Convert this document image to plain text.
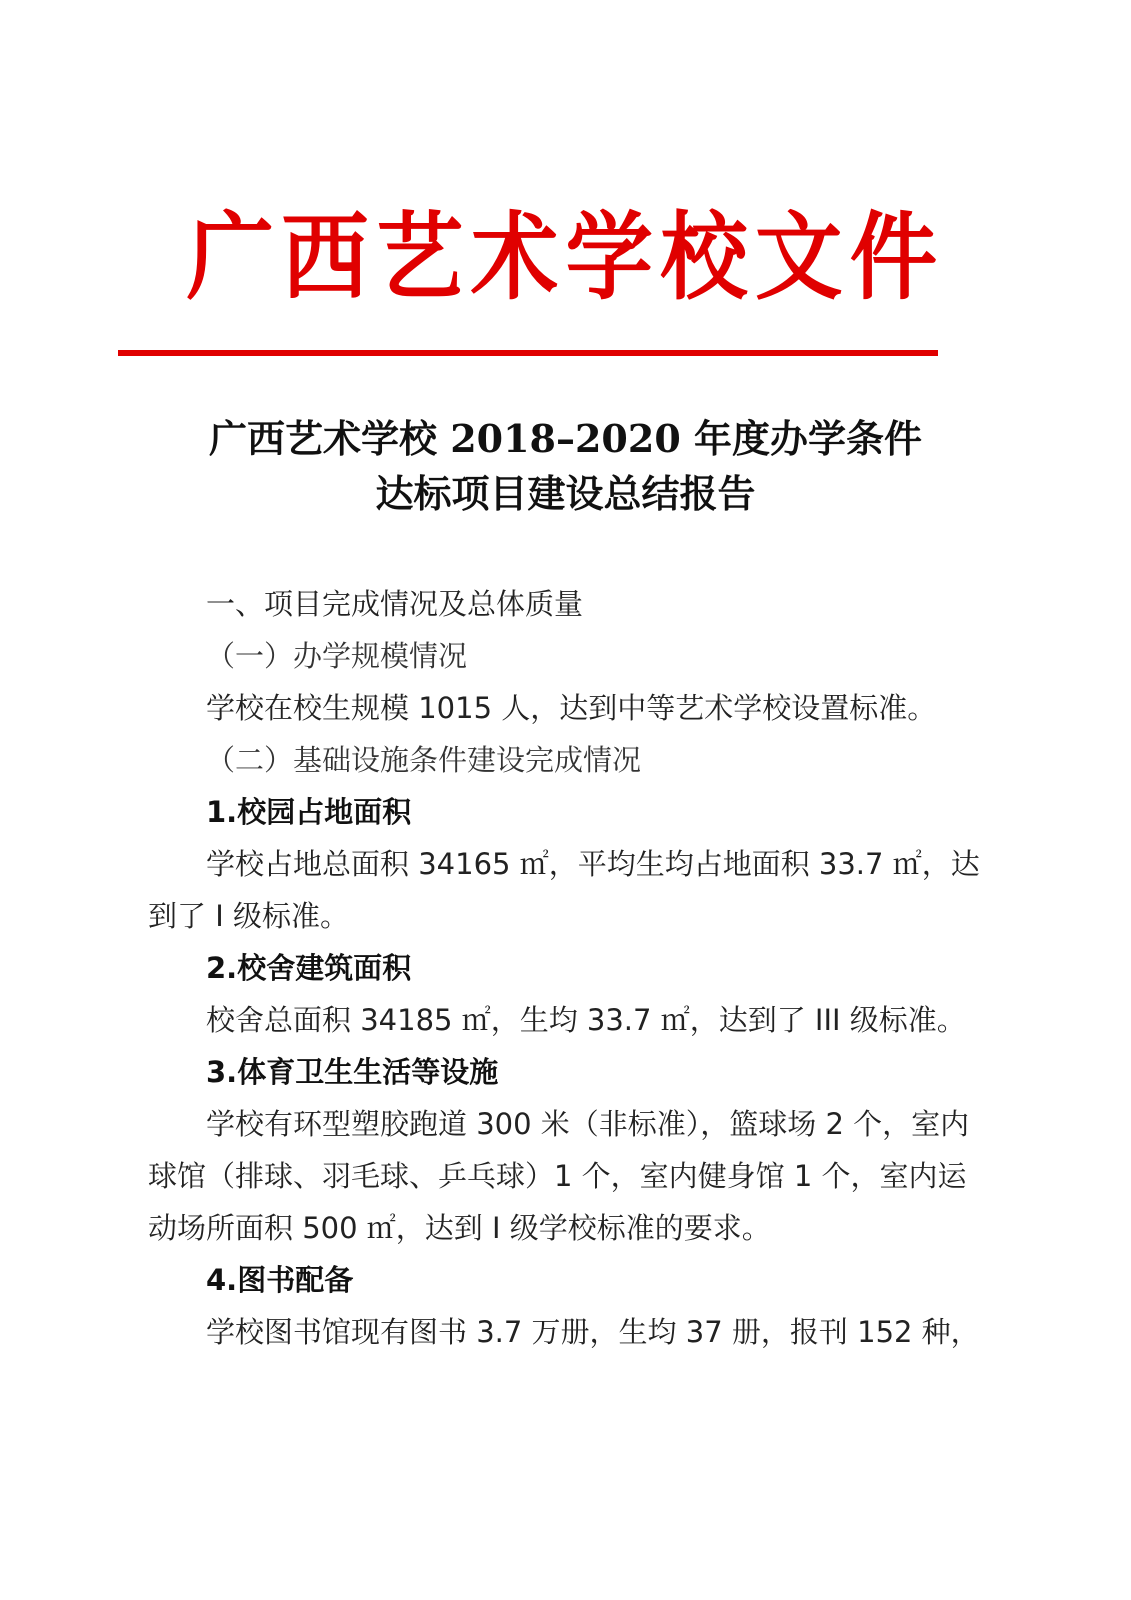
广西艺术学校文件
广西艺术学校 2018–2020 年度办学条件
达标项目建设总结报告
一、项目完成情况及总体质量
（一）办学规模情况
学校在校生规模 1015 人，达到中等艺术学校设置标准。
（二）基础设施条件建设完成情况
1.校园占地面积
学校占地总面积 34165 ㎡，平均生均占地面积 33.7 ㎡，达
到了 I 级标准。
2.校舍建筑面积
校舍总面积 34185 ㎡，生均 33.7 ㎡，达到了 III 级标准。
3.体育卫生生活等设施
学校有环型塑胶跑道 300 米（非标准），篮球场 2 个，室内
球馆（排球、羽毛球、乒乓球）1 个，室内健身馆 1 个，室内运
动场所面积 500 ㎡，达到 I 级学校标准的要求。
4.图书配备
学校图书馆现有图书 3.7 万册，生均 37 册，报刊 152 种，
